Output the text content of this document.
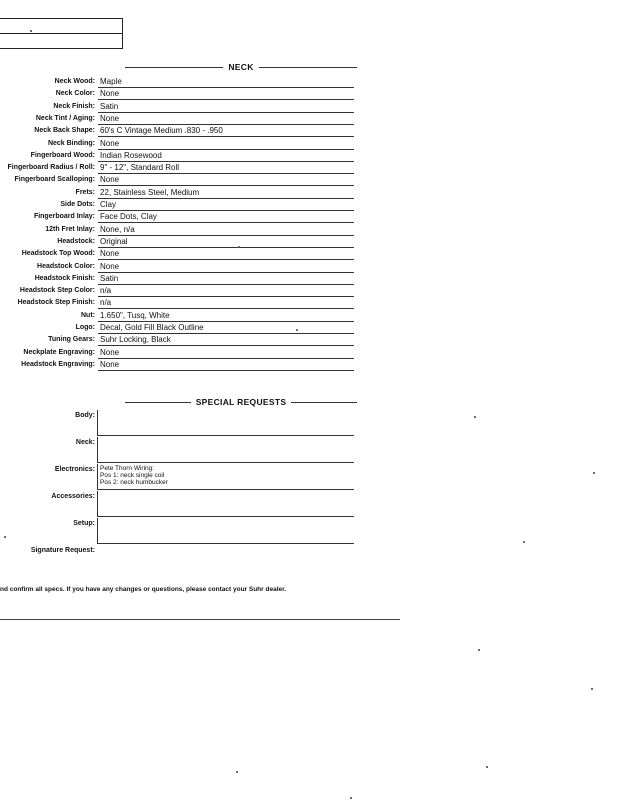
NECK
Neck Wood: Maple
Neck Color: None
Neck Finish: Satin
Neck Tint / Aging: None
Neck Back Shape: 60's C Vintage Medium .830 - .950
Neck Binding: None
Fingerboard Wood: Indian Rosewood
Fingerboard Radius / Roll: 9" - 12", Standard Roll
Fingerboard Scalloping: None
Frets: 22, Stainless Steel, Medium
Side Dots: Clay
Fingerboard Inlay: Face Dots, Clay
12th Fret Inlay: None, n/a
Headstock: Original
Headstock Top Wood: None
Headstock Color: None
Headstock Finish: Satin
Headstock Step Color: n/a
Headstock Step Finish: n/a
Nut: 1.650", Tusq, White
Logo: Decal, Gold Fill Black Outline
Tuning Gears: Suhr Locking, Black
Neckplate Engraving: None
Headstock Engraving: None
SPECIAL REQUESTS
Body:
Neck:
Electronics: Pete Thorn Wiring:
Pos 1: neck single coil
Pos 2: neck humbucker
Accessories:
Setup:
Signature Request:
nd confirm all specs. If you have any changes or questions, please contact your Suhr dealer.
